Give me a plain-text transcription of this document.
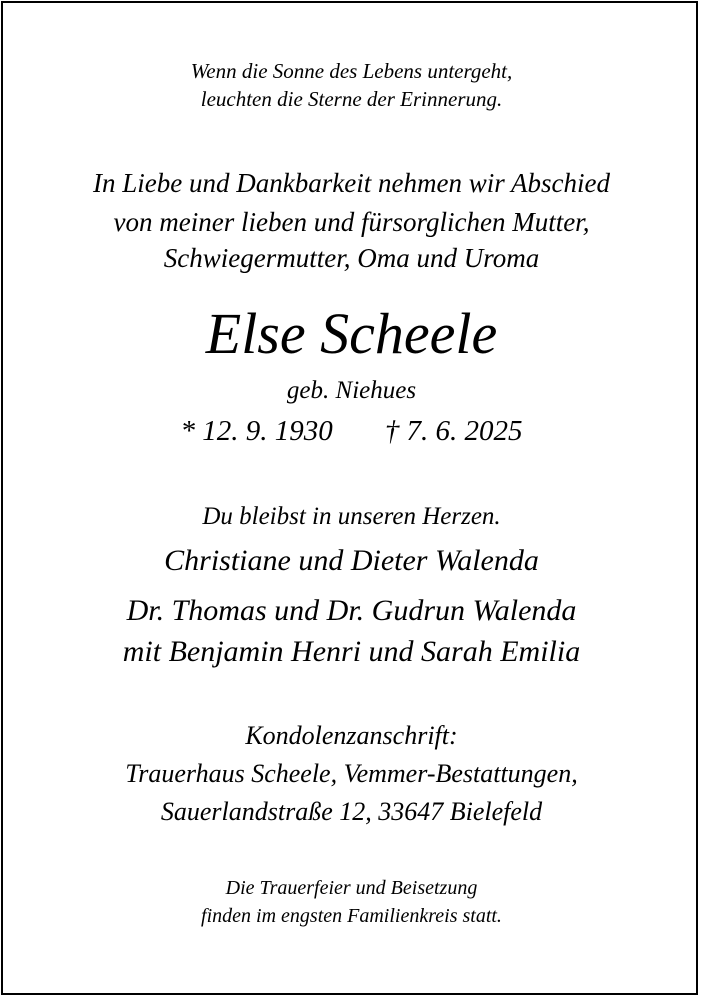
Wenn die Sonne des Lebens untergeht,
leuchten die Sterne der Erinnerung.
In Liebe und Dankbarkeit nehmen wir Abschied
von meiner lieben und fürsorglichen Mutter,
Schwiegermutter, Oma und Uroma
Else Scheele
geb. Niehues
* 12. 9. 1930 † 7. 6. 2025
Du bleibst in unseren Herzen.
Christiane und Dieter Walenda
Dr. Thomas und Dr. Gudrun Walenda
mit Benjamin Henri und Sarah Emilia
Kondolenzanschrift:
Trauerhaus Scheele, Vemmer-Bestattungen,
Sauerlandstraße 12, 33647 Bielefeld
Die Trauerfeier und Beisetzung
finden im engsten Familienkreis statt.
